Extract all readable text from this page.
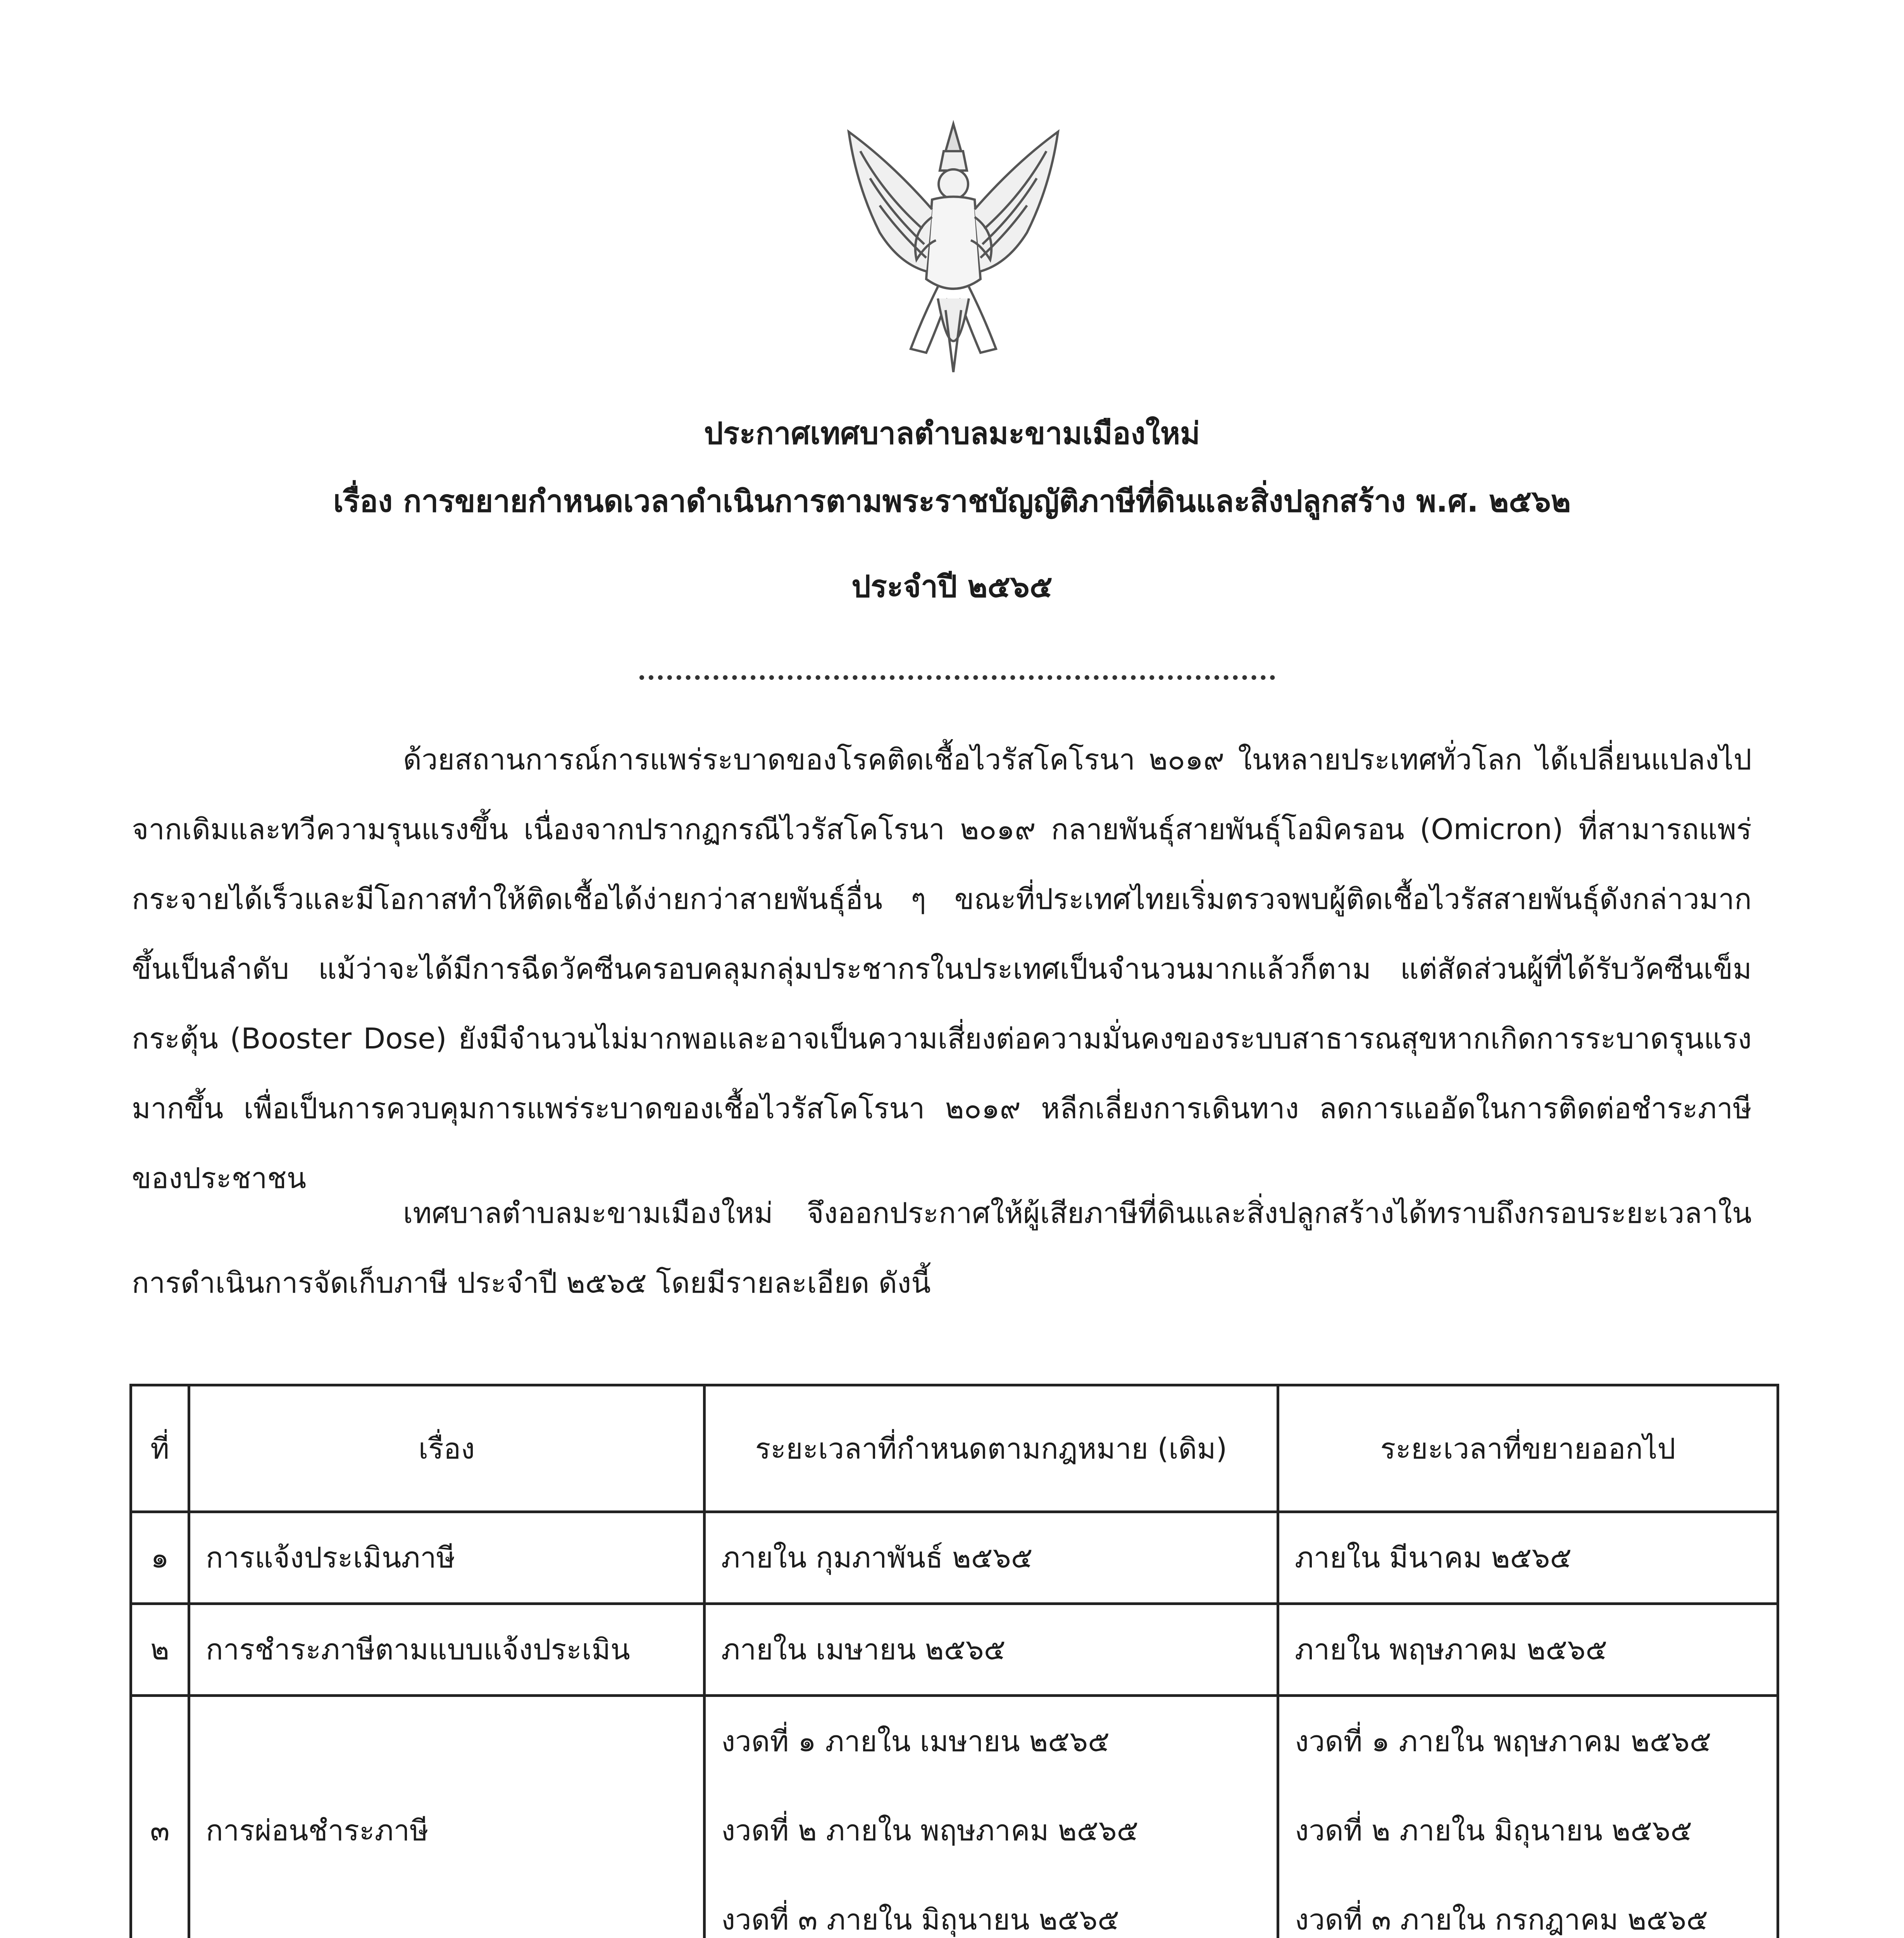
ประกาศเทศบาลตำบลมะขามเมืองใหม่
เรื่อง การขยายกำหนดเวลาดำเนินการตามพระราชบัญญัติภาษีที่ดินและสิ่งปลูกสร้าง พ.ศ. ๒๕๖๒
ประจำปี ๒๕๖๕

ด้วยสถานการณ์การแพร่ระบาดของโรคติดเชื้อไวรัสโคโรนา ๒๐๑๙ ในหลายประเทศทั่วโลก ได้เปลี่ยนแปลงไปจากเดิมและทวีความรุนแรงขึ้น เนื่องจากปรากฏกรณีไวรัสโคโรนา ๒๐๑๙ กลายพันธุ์สายพันธุ์โอมิครอน (Omicron) ที่สามารถแพร่กระจายได้เร็วและมีโอกาสทำให้ติดเชื้อได้ง่ายกว่าสายพันธุ์อื่น ๆ ขณะที่ประเทศไทยเริ่มตรวจพบผู้ติดเชื้อไวรัสสายพันธุ์ดังกล่าวมากขึ้นเป็นลำดับ แม้ว่าจะได้มีการฉีดวัคซีนครอบคลุมกลุ่มประชากรในประเทศเป็นจำนวนมากแล้วก็ตาม แต่สัดส่วนผู้ที่ได้รับวัคซีนเข็มกระตุ้น (Booster Dose) ยังมีจำนวนไม่มากพอและอาจเป็นความเสี่ยงต่อความมั่นคงของระบบสาธารณสุขหากเกิดการระบาดรุนแรงมากขึ้น เพื่อเป็นการควบคุมการแพร่ระบาดของเชื้อไวรัสโคโรนา ๒๐๑๙ หลีกเลี่ยงการเดินทาง ลดการแออัดในการติดต่อชำระภาษีของประชาชน

เทศบาลตำบลมะขามเมืองใหม่ จึงออกประกาศให้ผู้เสียภาษีที่ดินและสิ่งปลูกสร้างได้ทราบถึงกรอบระยะเวลาในการดำเนินการจัดเก็บภาษี ประจำปี ๒๕๖๕ โดยมีรายละเอียด ดังนี้

ที่	เรื่อง	ระยะเวลาที่กำหนดตามกฎหมาย (เดิม)	ระยะเวลาที่ขยายออกไป
๑	การแจ้งประเมินภาษี	ภายใน กุมภาพันธ์ ๒๕๖๕	ภายใน มีนาคม ๒๕๖๕
๒	การชำระภาษีตามแบบแจ้งประเมิน	ภายใน เมษายน ๒๕๖๕	ภายใน พฤษภาคม ๒๕๖๕
๓	การผ่อนชำระภาษี	งวดที่ ๑ ภายใน เมษายน ๒๕๖๕
งวดที่ ๒ ภายใน พฤษภาคม ๒๕๖๕
งวดที่ ๓ ภายใน มิถุนายน ๒๕๖๕	งวดที่ ๑ ภายใน พฤษภาคม ๒๕๖๕
งวดที่ ๒ ภายใน มิถุนายน ๒๕๖๕
งวดที่ ๓ ภายใน กรกฎาคม ๒๕๖๕
